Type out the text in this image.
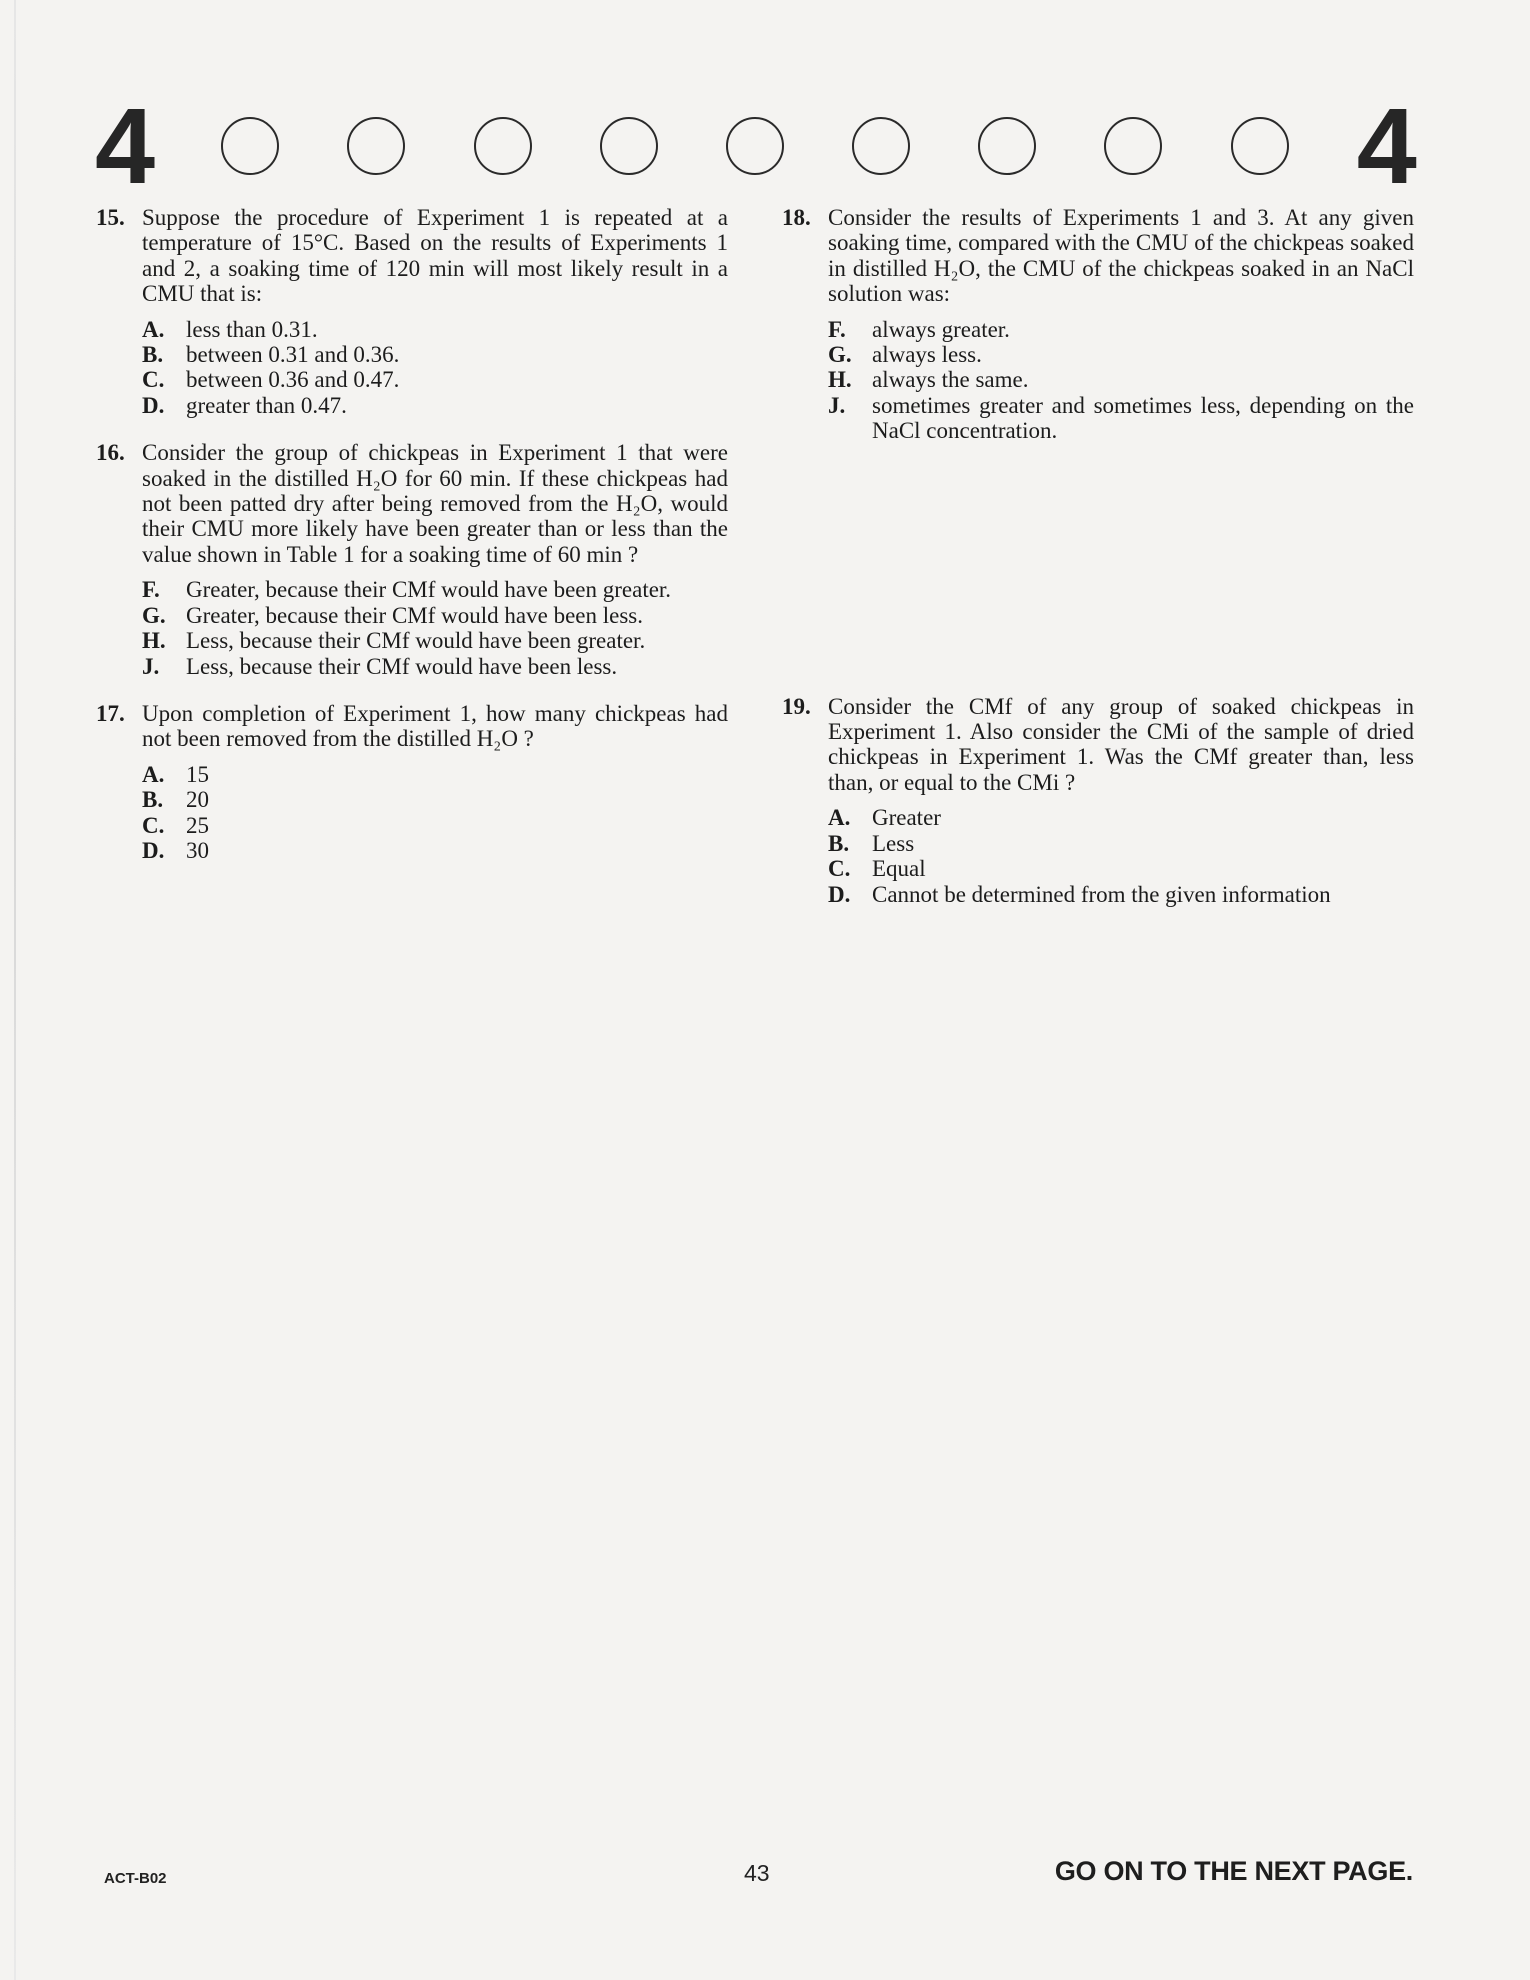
4	4
15. Suppose the procedure of Experiment 1 is repeated at a temperature of 15°C. Based on the results of Experiments 1 and 2, a soaking time of 120 min will most likely result in a CMU that is:
A. less than 0.31.
B. between 0.31 and 0.36.
C. between 0.36 and 0.47.
D. greater than 0.47.
16. Consider the group of chickpeas in Experiment 1 that were soaked in the distilled H₂O for 60 min. If these chickpeas had not been patted dry after being removed from the H₂O, would their CMU more likely have been greater than or less than the value shown in Table 1 for a soaking time of 60 min ?
F. Greater, because their CMf would have been greater.
G. Greater, because their CMf would have been less.
H. Less, because their CMf would have been greater.
J. Less, because their CMf would have been less.
17. Upon completion of Experiment 1, how many chickpeas had not been removed from the distilled H₂O ?
A. 15
B. 20
C. 25
D. 30
18. Consider the results of Experiments 1 and 3. At any given soaking time, compared with the CMU of the chickpeas soaked in distilled H₂O, the CMU of the chickpeas soaked in an NaCl solution was:
F. always greater.
G. always less.
H. always the same.
J. sometimes greater and sometimes less, depending on the NaCl concentration.
19. Consider the CMf of any group of soaked chickpeas in Experiment 1. Also consider the CMi of the sample of dried chickpeas in Experiment 1. Was the CMf greater than, less than, or equal to the CMi ?
A. Greater
B. Less
C. Equal
D. Cannot be determined from the given information
ACT-B02	43	GO ON TO THE NEXT PAGE.
